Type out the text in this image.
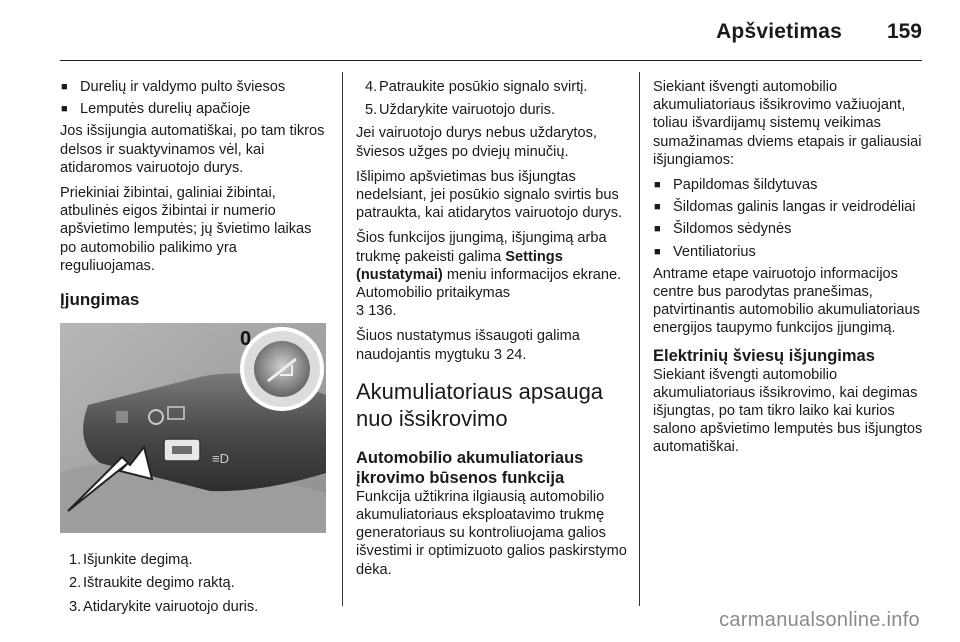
Apšvietimas 159
■ Durelių ir valdymo pulto šviesos
■ Lemputės durelių apačioje

Jos išsijungia automatiškai, po tam tikros delsos ir suaktyvinamos vėl, kai atidaromos vairuotojo durys.

Priekiniai žibintai, galiniai žibintai, atbulinės eigos žibintai ir numerio apšvietimo lemputės; jų švietimo laikas po automobilio palikimo yra reguliuojamas.

Įjungimas
≡D
0
1. Išjunkite degimą.
2. Ištraukite degimo raktą.
3. Atidarykite vairuotojo duris.
4. Patraukite posūkio signalo svirtį.
5. Uždarykite vairuotojo duris.

Jei vairuotojo durys nebus uždarytos, šviesos užges po dviejų minučių.

Išlipimo apšvietimas bus išjungtas nedelsiant, jei posūkio signalo svirtis bus patraukta, kai atidarytos vairuotojo durys.

Šios funkcijos įjungimą, išjungimą arba trukmę pakeisti galima Settings (nustatymai) meniu informacijos ekrane. Automobilio pritaikymas
3 136.

Šiuos nustatymus išsaugoti galima naudojantis mygtuku 3 24.

Akumuliatoriaus apsauga nuo išsikrovimo
Automobilio akumuliatoriaus įkrovimo būsenos funkcija

Funkcija užtikrina ilgiausią automobilio akumuliatoriaus eksploatavimo trukmę generatoriaus su kontroliuojama galios išvestimi ir optimizuoto galios paskirstymo dėka.

Siekiant išvengti automobilio akumuliatoriaus išsikrovimo važiuojant, toliau išvardijamų sistemų veikimas sumažinamas dviems etapais ir galiausiai išjungiamos:

■ Papildomas šildytuvas
■ Šildomas galinis langas ir veidrodėliai
■ Šildomos sėdynės
■ Ventiliatorius

Antrame etape vairuotojo informacijos centre bus parodytas pranešimas, patvirtinantis automobilio akumuliatoriaus energijos taupymo funkcijos įjungimą.

Elektrinių šviesų išjungimas

Siekiant išvengti automobilio akumuliatoriaus išsikrovimo, kai degimas išjungtas, po tam tikro laiko kai kurios salono apšvietimo lemputės bus išjungtos automatiškai.

carmanualsonline.info
